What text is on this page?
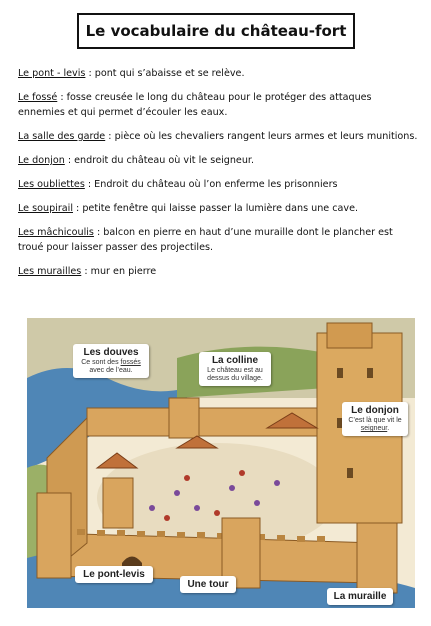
Le vocabulaire du château-fort

Le pont - levis : pont qui s’abaisse et se relève.

Le fossé : fosse creusée le long du château pour le protéger des attaques ennemies et qui permet d’écouler les eaux.

La salle des garde : pièce où les chevaliers rangent leurs armes et leurs munitions.

Le donjon : endroit du château où vit le seigneur.

Les oubliettes : Endroit du château où l’on enferme les prisonniers

Le soupirail : petite fenêtre qui laisse passer la lumière dans une cave.

Les mâchicoulis : balcon en pierre en haut d’une muraille dont le plancher est troué pour laisser passer des projectiles.

Les murailles : mur en pierre

Les douves
Ce sont des fossés avec de l’eau.
La colline
Le château est au dessus du village.
Le donjon
C’est là que vit le seigneur.
Le pont-levis
Une tour
La muraille
